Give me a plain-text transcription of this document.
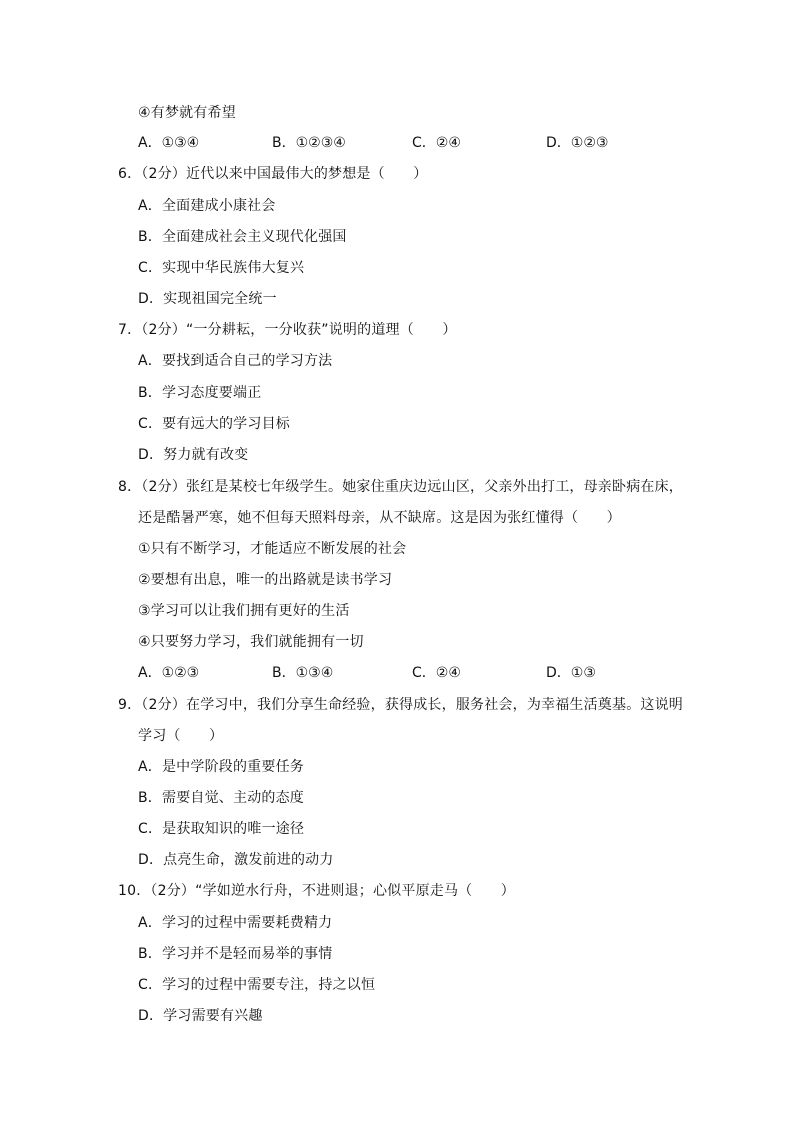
④有梦就有希望
A．①③④	B．①②③④	C．②④	D．①②③
6．（2分）近代以来中国最伟大的梦想是（　　）
A．全面建成小康社会
B．全面建成社会主义现代化强国
C．实现中华民族伟大复兴
D．实现祖国完全统一
7．（2分）“一分耕耘，一分收获”说明的道理（　　）
A．要找到适合自己的学习方法
B．学习态度要端正
C．要有远大的学习目标
D．努力就有改变
8．（2分）张红是某校七年级学生。她家住重庆边远山区，父亲外出打工，母亲卧病在床，
还是酷暑严寒，她不但每天照料母亲，从不缺席。这是因为张红懂得（　　）
①只有不断学习，才能适应不断发展的社会
②要想有出息，唯一的出路就是读书学习
③学习可以让我们拥有更好的生活
④只要努力学习，我们就能拥有一切
A．①②③	B．①③④	C．②④	D．①③
9．（2分）在学习中，我们分享生命经验，获得成长，服务社会，为幸福生活奠基。这说明
学习（　　）
A．是中学阶段的重要任务
B．需要自觉、主动的态度
C．是获取知识的唯一途径
D．点亮生命，激发前进的动力
10．（2分）“学如逆水行舟，不进则退；心似平原走马（　　）
A．学习的过程中需要耗费精力
B．学习并不是轻而易举的事情
C．学习的过程中需要专注，持之以恒
D．学习需要有兴趣
